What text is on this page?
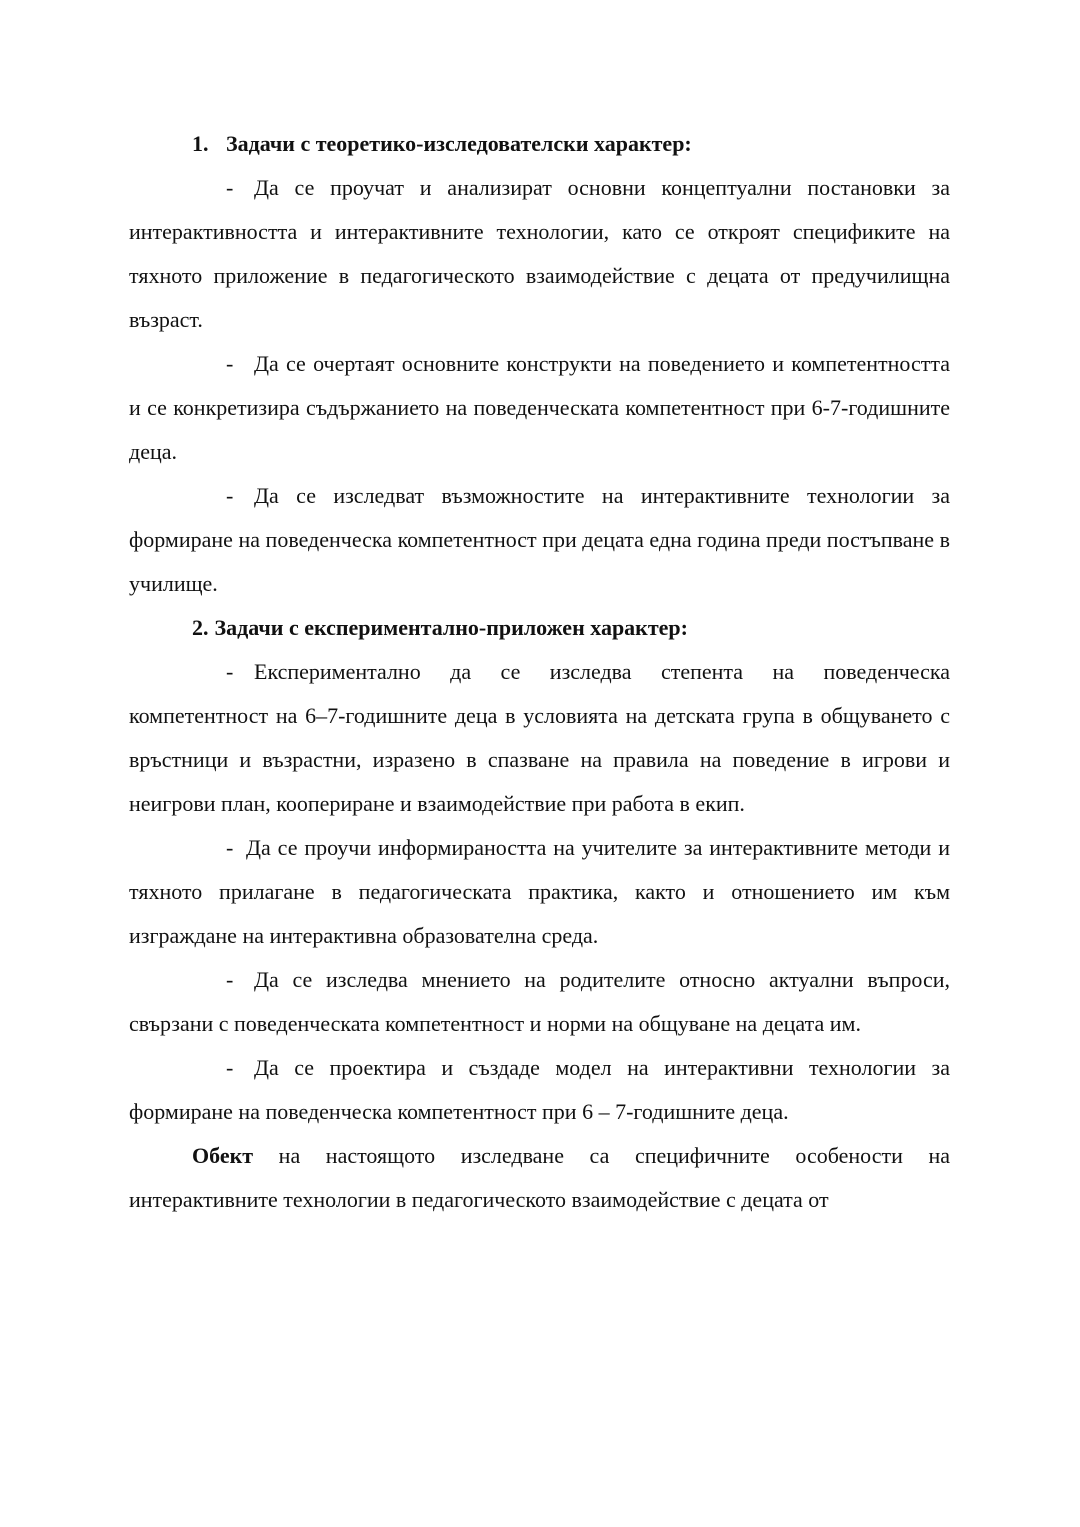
1. Задачи с теоретико-изследователски характер:

- Да се проучат и анализират основни концептуални постановки за интерактивността и интерактивните технологии, като се откроят спецификите на тяхното приложение в педагогическото взаимодействие с децата от предучилищна възраст.

- Да се очертаят основните конструкти на поведението и компетентността и се конкретизира съдържанието на поведенческата компетентност при 6-7-годишните деца.

- Да се изследват възможностите на интерактивните технологии за формиране на поведенческа компетентност при децата една година преди постъпване в училище.

2. Задачи с експериментално-приложен характер:

- Експериментално да се изследва степента на поведенческа компетентност на 6–7-годишните деца в условията на детската група в общуването с връстници и възрастни, изразено в спазване на правила на поведение в игрови и неигрови план, коопериране и взаимодействие при работа в екип.

- Да се проучи информираността на учителите за интерактивните методи и тяхното прилагане в педагогическата практика, както и отношението им към изграждане на интерактивна образователна среда.

- Да се изследва мнението на родителите относно актуални въпроси, свързани с поведенческата компетентност и норми на общуване на децата им.

- Да се проектира и създаде модел на интерактивни технологии за формиране на поведенческа компетентност при 6 – 7-годишните деца.

Обект на настоящото изследване са специфичните особености на интерактивните технологии в педагогическото взаимодействие с децата от
